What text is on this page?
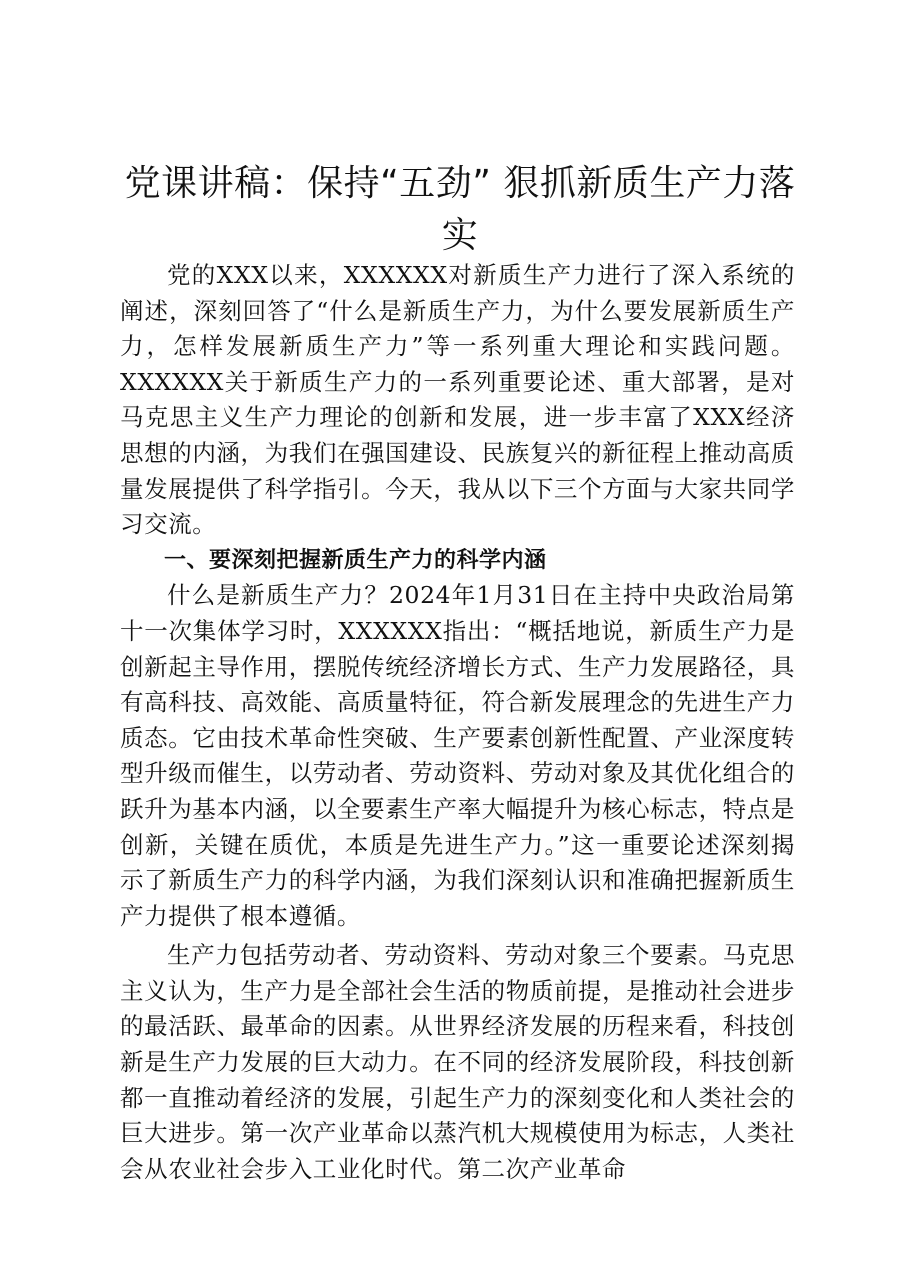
党课讲稿：保持“五劲” 狠抓新质生产力落实

党的XXX以来，XXXXXX对新质生产力进行了深入系统的阐述，深刻回答了“什么是新质生产力，为什么要发展新质生产力，怎样发展新质生产力”等一系列重大理论和实践问题。XXXXXX关于新质生产力的一系列重要论述、重大部署，是对马克思主义生产力理论的创新和发展，进一步丰富了XXX经济思想的内涵，为我们在强国建设、民族复兴的新征程上推动高质量发展提供了科学指引。今天，我从以下三个方面与大家共同学习交流。

一、要深刻把握新质生产力的科学内涵

什么是新质生产力？2024年1月31日在主持中央政治局第十一次集体学习时，XXXXXX指出：“概括地说，新质生产力是创新起主导作用，摆脱传统经济增长方式、生产力发展路径，具有高科技、高效能、高质量特征，符合新发展理念的先进生产力质态。它由技术革命性突破、生产要素创新性配置、产业深度转型升级而催生，以劳动者、劳动资料、劳动对象及其优化组合的跃升为基本内涵，以全要素生产率大幅提升为核心标志，特点是创新，关键在质优，本质是先进生产力。”这一重要论述深刻揭示了新质生产力的科学内涵，为我们深刻认识和准确把握新质生产力提供了根本遵循。

生产力包括劳动者、劳动资料、劳动对象三个要素。马克思主义认为，生产力是全部社会生活的物质前提，是推动社会进步的最活跃、最革命的因素。从世界经济发展的历程来看，科技创新是生产力发展的巨大动力。在不同的经济发展阶段，科技创新都一直推动着经济的发展，引起生产力的深刻变化和人类社会的巨大进步。第一次产业革命以蒸汽机大规模使用为标志，人类社会从农业社会步入工业化时代。第二次产业革命
